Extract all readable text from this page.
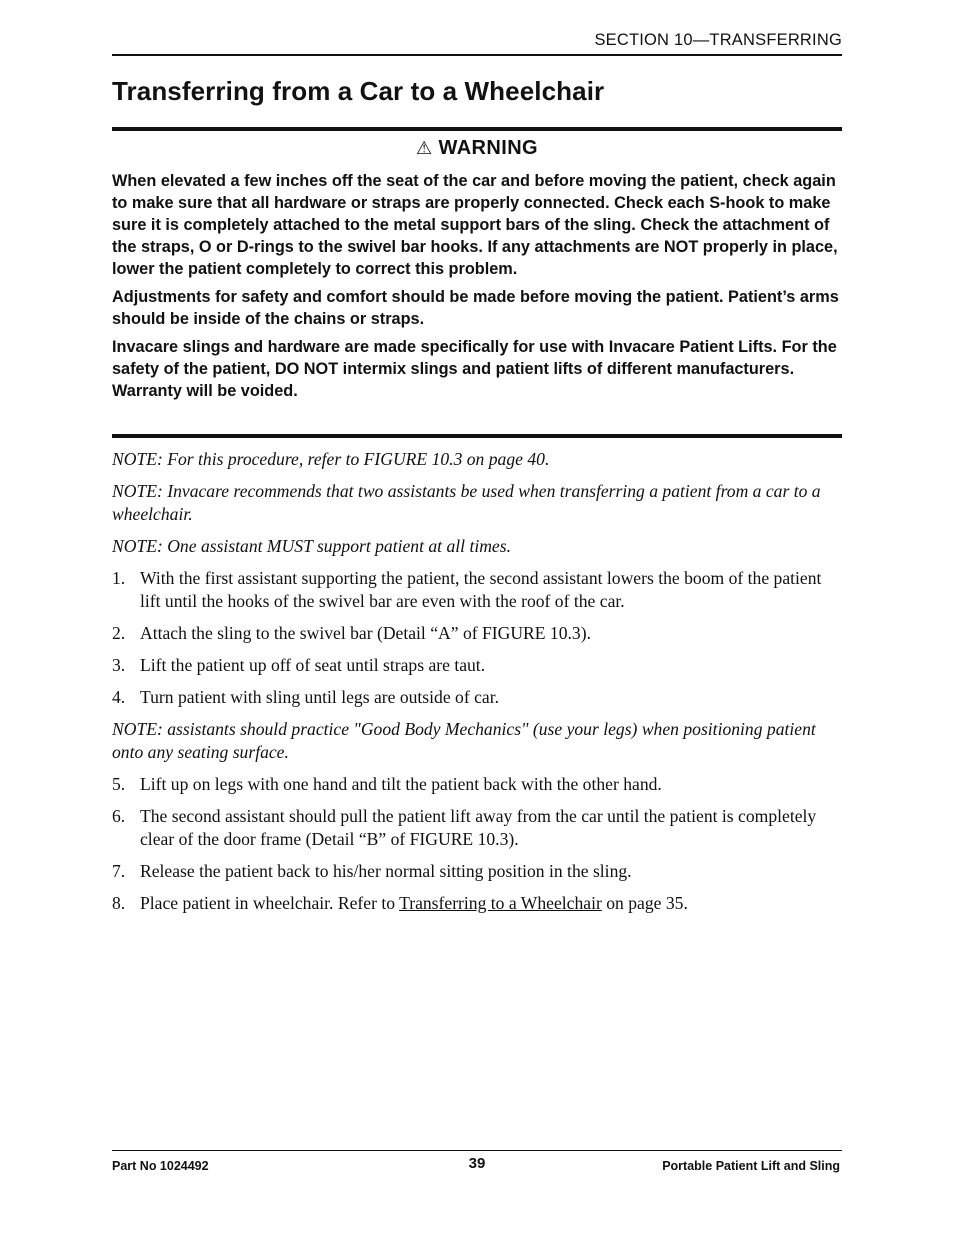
SECTION 10—TRANSFERRING
Transferring from a Car to a Wheelchair
⚠ WARNING

When elevated a few inches off the seat of the car and before moving the patient, check again to make sure that all hardware or straps are properly connected. Check each S-hook to make sure it is completely attached to the metal support bars of the sling. Check the attachment of the straps, O or D-rings to the swivel bar hooks. If any attachments are NOT properly in place, lower the patient completely to correct this problem.

Adjustments for safety and comfort should be made before moving the patient. Patient’s arms should be inside of the chains or straps.

Invacare slings and hardware are made specifically for use with Invacare Patient Lifts. For the safety of the patient, DO NOT intermix slings and patient lifts of different manufacturers. Warranty will be voided.

NOTE: For this procedure, refer to FIGURE 10.3 on page 40.

NOTE: Invacare recommends that two assistants be used when transferring a patient from a car to a wheelchair.

NOTE: One assistant MUST support patient at all times.

1. With the first assistant supporting the patient, the second assistant lowers the boom of the patient lift until the hooks of the swivel bar are even with the roof of the car.
2. Attach the sling to the swivel bar (Detail “A” of FIGURE 10.3).
3. Lift the patient up off of seat until straps are taut.
4. Turn patient with sling until legs are outside of car.

NOTE: assistants should practice "Good Body Mechanics" (use your legs) when positioning patient onto any seating surface.

5. Lift up on legs with one hand and tilt the patient back with the other hand.
6. The second assistant should pull the patient lift away from the car until the patient is completely clear of the door frame (Detail “B” of FIGURE 10.3).
7. Release the patient back to his/her normal sitting position in the sling.
8. Place patient in wheelchair. Refer to Transferring to a Wheelchair on page 35.
Part No 1024492	39	Portable Patient Lift and Sling
